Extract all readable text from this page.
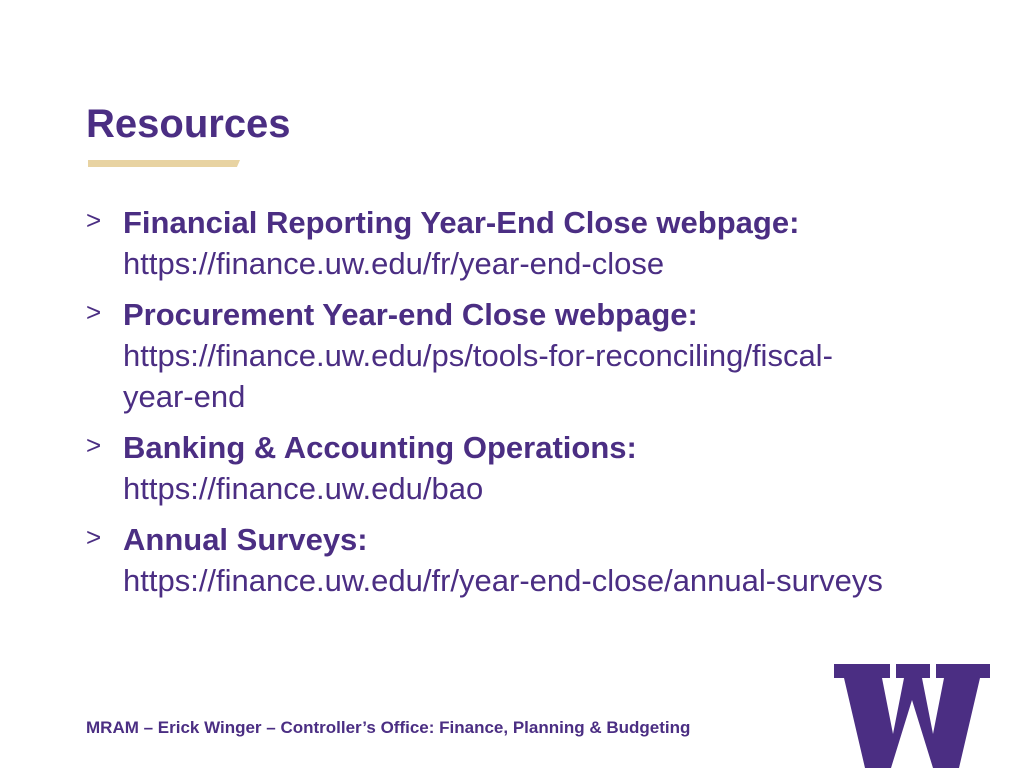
Resources
> Financial Reporting Year-End Close webpage:
https://finance.uw.edu/fr/year-end-close
> Procurement Year-end Close webpage:
https://finance.uw.edu/ps/tools-for-reconciling/fiscal-
year-end
> Banking & Accounting Operations:
https://finance.uw.edu/bao
> Annual Surveys:
https://finance.uw.edu/fr/year-end-close/annual-surveys
MRAM – Erick Winger – Controller’s Office: Finance, Planning & Budgeting
